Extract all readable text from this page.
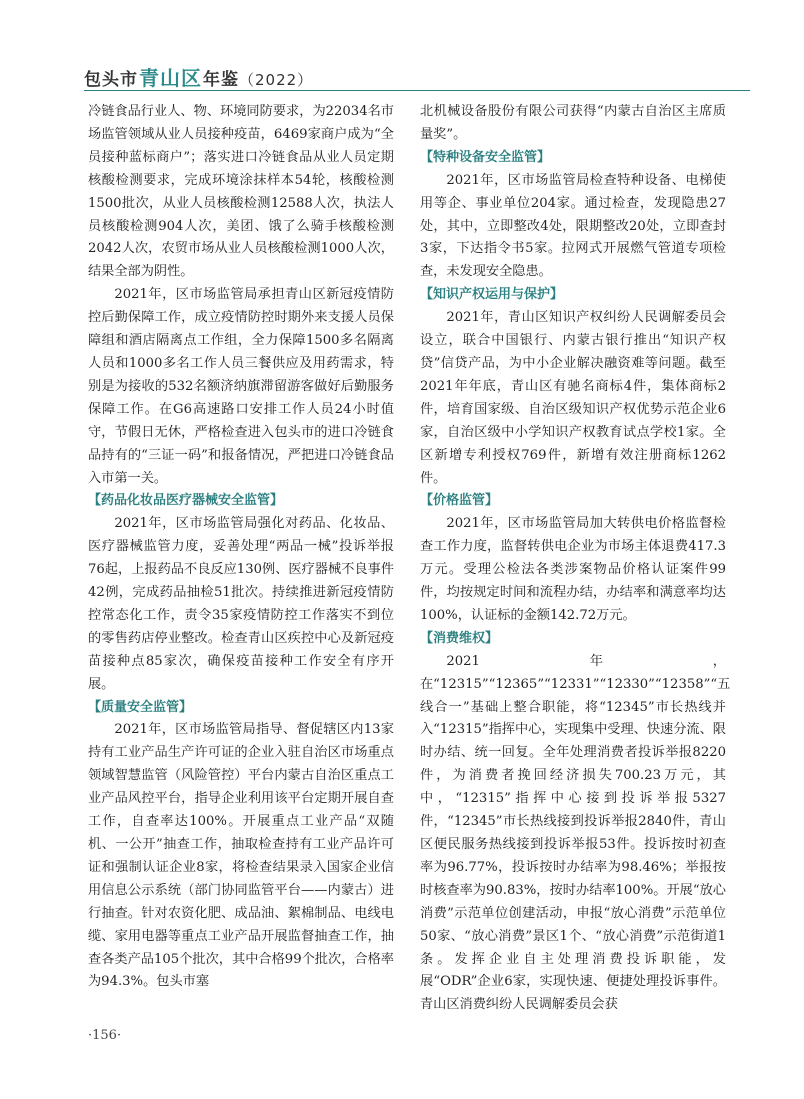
包头市青山区年鉴（2022）

冷链食品行业人、物、环境同防要求，为22034名市场监管领域从业人员接种疫苗，6469家商户成为“全员接种蓝标商户”；落实进口冷链食品从业人员定期核酸检测要求，完成环境涂抹样本54轮，核酸检测1500批次，从业人员核酸检测12588人次，执法人员核酸检测904人次，美团、饿了么骑手核酸检测2042人次，农贸市场从业人员核酸检测1000人次，结果全部为阴性。

2021年，区市场监管局承担青山区新冠疫情防控后勤保障工作，成立疫情防控时期外来支援人员保障组和酒店隔离点工作组，全力保障1500多名隔离人员和1000多名工作人员三餐供应及用药需求，特别是为接收的532名额济纳旗滞留游客做好后勤服务保障工作。在G6高速路口安排工作人员24小时值守，节假日无休，严格检查进入包头市的进口冷链食品持有的“三证一码”和报备情况，严把进口冷链食品入市第一关。

【药品化妆品医疗器械安全监管】

2021年，区市场监管局强化对药品、化妆品、医疗器械监管力度，妥善处理“两品一械”投诉举报76起，上报药品不良反应130例、医疗器械不良事件42例，完成药品抽检51批次。持续推进新冠疫情防控常态化工作，责令35家疫情防控工作落实不到位的零售药店停业整改。检查青山区疾控中心及新冠疫苗接种点85家次，确保疫苗接种工作安全有序开展。

【质量安全监管】

2021年，区市场监管局指导、督促辖区内13家持有工业产品生产许可证的企业入驻自治区市场重点领域智慧监管（风险管控）平台内蒙古自治区重点工业产品风控平台，指导企业利用该平台定期开展自查工作，自查率达100%。开展重点工业产品“双随机、一公开”抽查工作，抽取检查持有工业产品许可证和强制认证企业8家，将检查结果录入国家企业信用信息公示系统（部门协同监管平台——内蒙古）进行抽查。针对农资化肥、成品油、絮棉制品、电线电缆、家用电器等重点工业产品开展监督抽查工作，抽查各类产品105个批次，其中合格99个批次，合格率为94.3%。包头市塞

北机械设备股份有限公司获得“内蒙古自治区主席质量奖”。

【特种设备安全监管】

2021年，区市场监管局检查特种设备、电梯使用等企、事业单位204家。通过检查，发现隐患27处，其中，立即整改4处，限期整改20处，立即查封3家，下达指令书5家。拉网式开展燃气管道专项检查，未发现安全隐患。

【知识产权运用与保护】

2021年，青山区知识产权纠纷人民调解委员会设立，联合中国银行、内蒙古银行推出“知识产权贷”信贷产品，为中小企业解决融资难等问题。截至2021年年底，青山区有驰名商标4件，集体商标2件，培育国家级、自治区级知识产权优势示范企业6家，自治区级中小学知识产权教育试点学校1家。全区新增专利授权769件，新增有效注册商标1262件。

【价格监管】

2021年，区市场监管局加大转供电价格监督检查工作力度，监督转供电企业为市场主体退费417.3万元。受理公检法各类涉案物品价格认证案件99件，均按规定时间和流程办结，办结率和满意率均达100%，认证标的金额142.72万元。

【消费维权】

2021年，在“12315”“12365”“12331”“12330”“12358”“五线合一”基础上整合职能，将“12345”市长热线并入“12315”指挥中心，实现集中受理、快速分流、限时办结、统一回复。全年处理消费者投诉举报8220件，为消费者挽回经济损失700.23万元，其中，“12315”指挥中心接到投诉举报5327件，“12345”市长热线接到投诉举报2840件，青山区便民服务热线接到投诉举报53件。投诉按时初查率为96.77%，投诉按时办结率为98.46%；举报按时核查率为90.83%，按时办结率100%。开展“放心消费”示范单位创建活动，申报“放心消费”示范单位50家、“放心消费”景区1个、“放心消费”示范街道1条。发挥企业自主处理消费投诉职能，发展“ODR”企业6家，实现快速、便捷处理投诉事件。青山区消费纠纷人民调解委员会获

·156·
